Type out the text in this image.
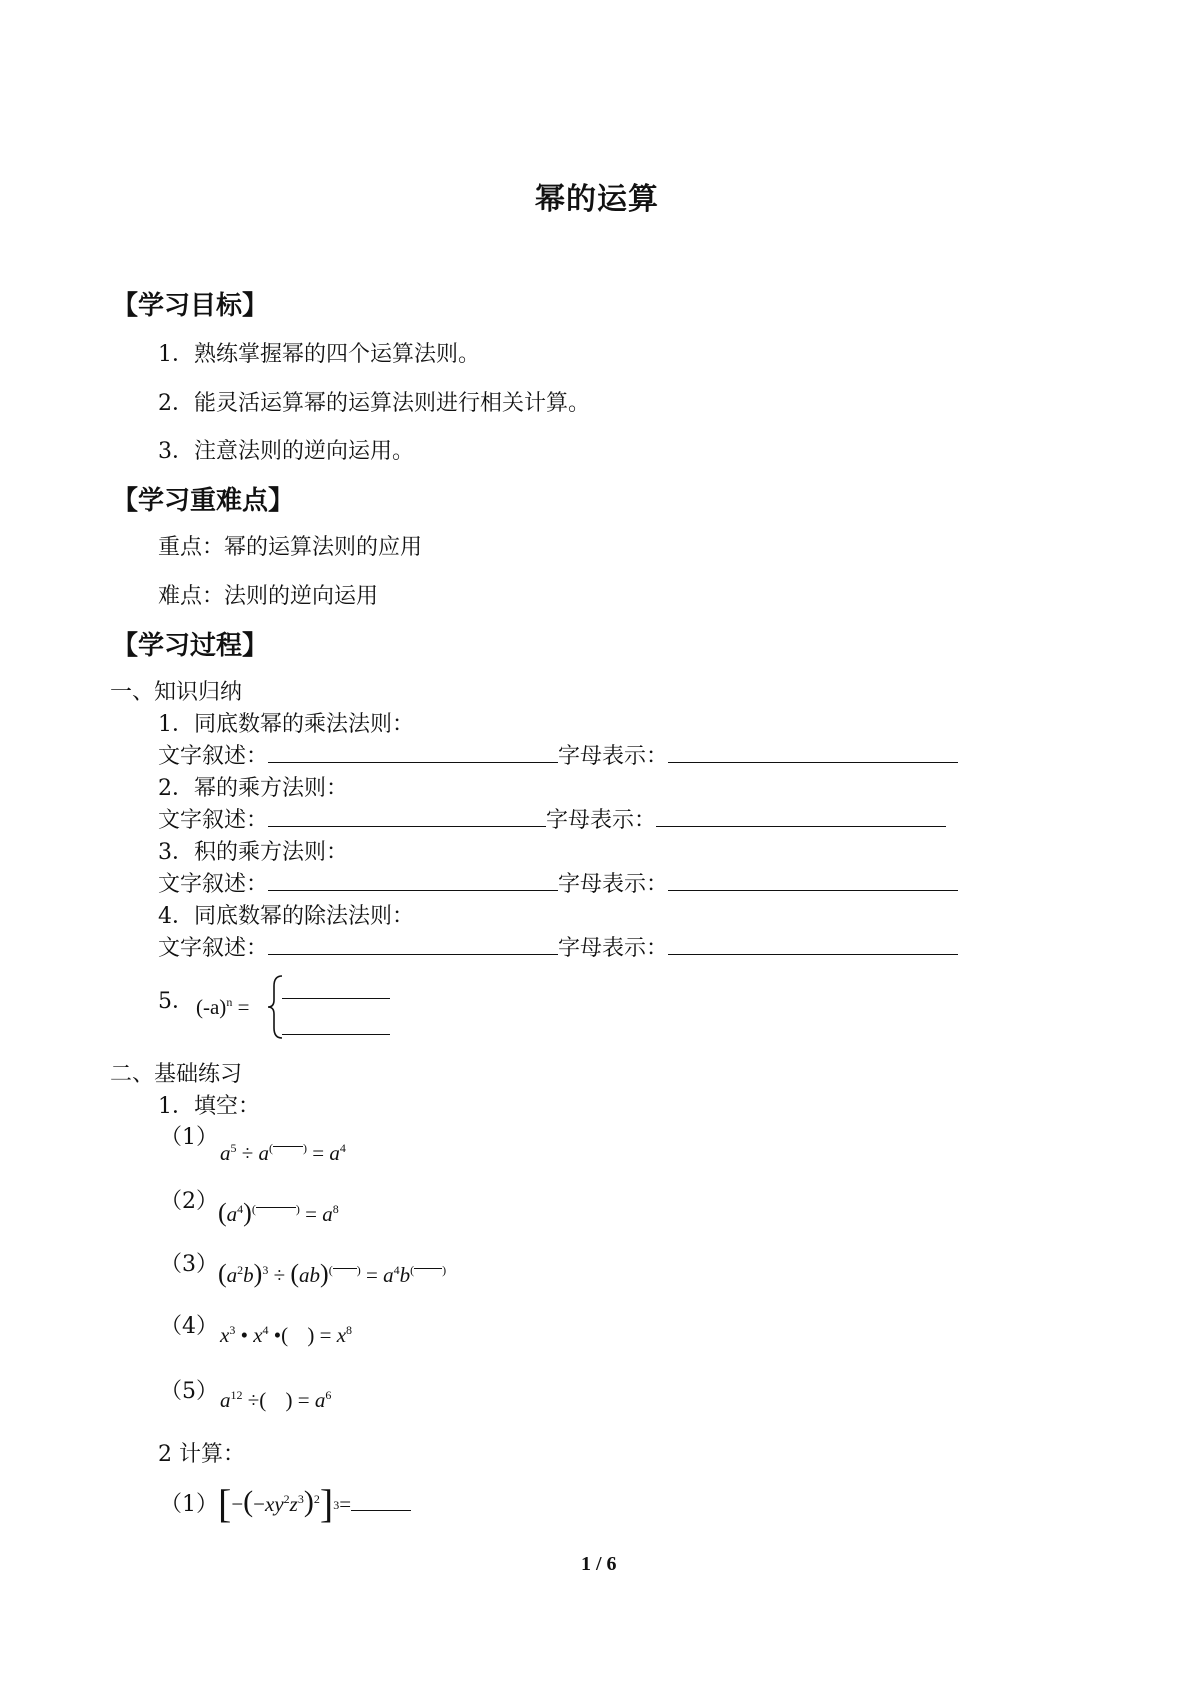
幂的运算
【学习目标】
1．熟练掌握幂的四个运算法则。
2．能灵活运算幂的运算法则进行相关计算。
3．注意法则的逆向运用。
【学习重难点】
重点：幂的运算法则的应用
难点：法则的逆向运用
【学习过程】
一、知识归纳
1．同底数幂的乘法法则：
文字叙述：	字母表示：
2．幂的乘方法则：
文字叙述：	字母表示：
3．积的乘方法则：
文字叙述：	字母表示：
4．同底数幂的除法法则：
文字叙述：	字母表示：
5． $(-a)^n$ =
二、基础练习
1．填空：
（1）
$a^5 \div a^{( )} = a^4$
（2） $(a^4)^{( )} = a^8$
（3） $(a^2b)^3 \div (ab)^{( )} = a^4b^{( )}$
（4） $x^3$ • $x^4$ •( ) = $x^8$
（5） $a^{12}$ ÷( ) = $a^6$
2 计算：
（1） $[-(-xy^2z^3)^2]^3=$
1 / 6
